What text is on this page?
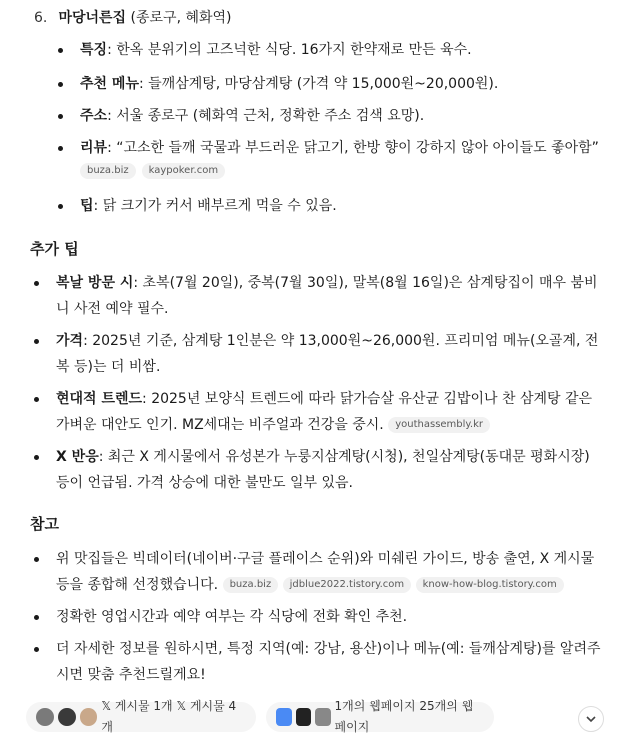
6. 마당너른집 (종로구, 혜화역)
특징: 한옥 분위기의 고즈넉한 식당. 16가지 한약재로 만든 육수.
추천 메뉴: 들깨삼계탕, 마당삼계탕 (가격 약 15,000원~20,000원).
주소: 서울 종로구 (혜화역 근처, 정확한 주소 검색 요망).
리뷰: “고소한 들깨 국물과 부드러운 닭고기, 한방 향이 강하지 않아 아이들도 좋아함”
buza.biz	kaypoker.com
팁: 닭 크기가 커서 배부르게 먹을 수 있음.
추가 팁
복날 방문 시: 초복(7월 20일), 중복(7월 30일), 말복(8월 16일)은 삼계탕집이 매우 붐비니 사전 예약 필수.
가격: 2025년 기준, 삼계탕 1인분은 약 13,000원~26,000원. 프리미엄 메뉴(오골계, 전복 등)는 더 비쌈.
현대적 트렌드: 2025년 보양식 트렌드에 따라 닭가슴살 유산균 김밥이나 찬 삼계탕 같은 가벼운 대안도 인기. MZ세대는 비주얼과 건강을 중시. youthassembly.kr
X 반응: 최근 X 게시물에서 유성본가 누룽지삼계탕(시청), 천일삼계탕(동대문 평화시장) 등이 언급됨. 가격 상승에 대한 불만도 일부 있음.
참고
위 맛집들은 빅데이터(네이버·구글 플레이스 순위)와 미쉐린 가이드, 방송 출연, X 게시물 등을 종합해 선정했습니다. buza.biz jdblue2022.tistory.com know-how-blog.tistory.com
정확한 영업시간과 예약 여부는 각 식당에 전화 확인 추천.
더 자세한 정보를 원하시면, 특정 지역(예: 강남, 용산)이나 메뉴(예: 들깨삼계탕)를 알려주시면 맞춤 추천드릴게요!
𝕏 게시물 1개 𝕏 게시물 4개
1개의 웹페이지 25개의 웹페이지
